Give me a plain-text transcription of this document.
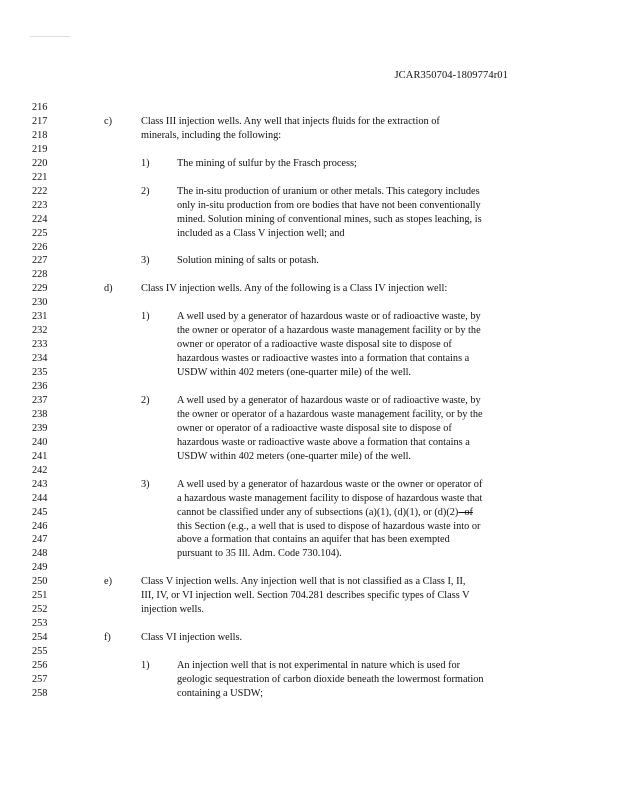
JCAR350704-1809774r01
216
217
218
219
220
221
222
223
224
225
226
227
228
229
230
231
232
233
234
235
236
237
238
239
240
241
242
243
244
245
246
247
248
249
250
251
252
253
254
255
256
257
258
c)	Class III injection wells. Any well that injects fluids for the extraction of
minerals, including the following:
1)	The mining of sulfur by the Frasch process;
2)	The in-situ production of uranium or other metals. This category includes
only in-situ production from ore bodies that have not been conventionally
mined. Solution mining of conventional mines, such as stopes leaching, is
included as a Class V injection well; and
3)	Solution mining of salts or potash.
d)	Class IV injection wells. Any of the following is a Class IV injection well:
1)	A well used by a generator of hazardous waste or of radioactive waste, by
the owner or operator of a hazardous waste management facility or by the
owner or operator of a radioactive waste disposal site to dispose of
hazardous wastes or radioactive wastes into a formation that contains a
USDW within 402 meters (one-quarter mile) of the well.
2)	A well used by a generator of hazardous waste or of radioactive waste, by
the owner or operator of a hazardous waste management facility, or by the
owner or operator of a radioactive waste disposal site to dispose of
hazardous waste or radioactive waste above a formation that contains a
USDW within 402 meters (one-quarter mile) of the well.
3)	A well used by a generator of hazardous waste or the owner or operator of
a hazardous waste management facility to dispose of hazardous waste that
cannot be classified under any of subsections (a)(1), (d)(1), or (d)(2) -of
this Section (e.g., a well that is used to dispose of hazardous waste into or
above a formation that contains an aquifer that has been exempted
pursuant to 35 Ill. Adm. Code 730.104).
e)	Class V injection wells. Any injection well that is not classified as a Class I, II,
III, IV, or VI injection well. Section 704.281 describes specific types of Class V
injection wells.
f)	Class VI injection wells.
1)	An injection well that is not experimental in nature which is used for
geologic sequestration of carbon dioxide beneath the lowermost formation
containing a USDW;
